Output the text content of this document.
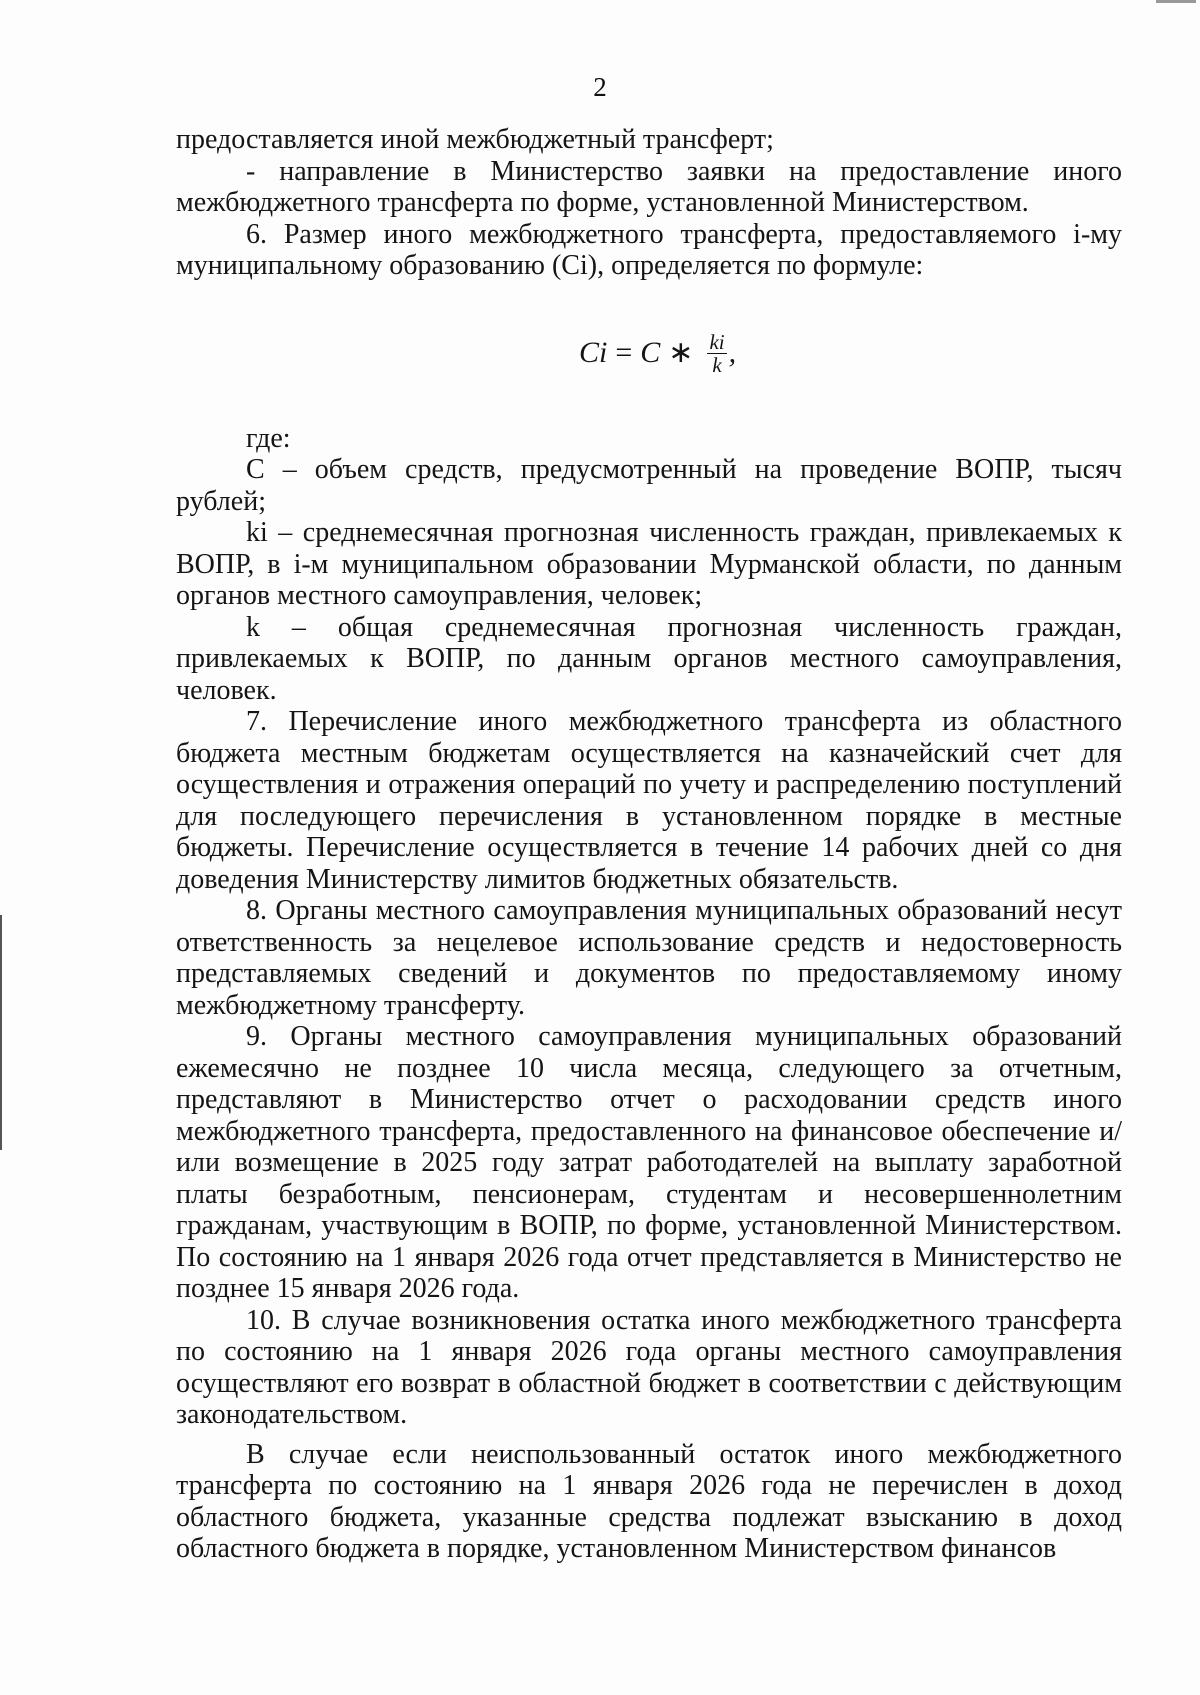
2

предоставляется иной межбюджетный трансферт;

- направление в Министерство заявки на предоставление иного межбюджетного трансферта по форме, установленной Министерством.

6. Размер иного межбюджетного трансферта, предоставляемого i-му муниципальному образованию (Ci), определяется по формуле:

Ci = C ∗ $\frac{ki}{k}$ ,

где:

С – объем средств, предусмотренный на проведение ВОПР, тысяч рублей;

ki – среднемесячная прогнозная численность граждан, привлекаемых к ВОПР, в i-м муниципальном образовании Мурманской области, по данным органов местного самоуправления, человек;

k – общая среднемесячная прогнозная численность граждан, привлекаемых к ВОПР, по данным органов местного самоуправления, человек.

7. Перечисление иного межбюджетного трансферта из областного бюджета местным бюджетам осуществляется на казначейский счет для осуществления и отражения операций по учету и распределению поступлений для последующего перечисления в установленном порядке в местные бюджеты. Перечисление осуществляется в течение 14 рабочих дней со дня доведения Министерству лимитов бюджетных обязательств.

8. Органы местного самоуправления муниципальных образований несут ответственность за нецелевое использование средств и недостоверность представляемых сведений и документов по предоставляемому иному межбюджетному трансферту.

9. Органы местного самоуправления муниципальных образований ежемесячно не позднее 10 числа месяца, следующего за отчетным, представляют в Министерство отчет о расходовании средств иного межбюджетного трансферта, предоставленного на финансовое обеспечение и/или возмещение в 2025 году затрат работодателей на выплату заработной платы безработным, пенсионерам, студентам и несовершеннолетним гражданам, участвующим в ВОПР, по форме, установленной Министерством. По состоянию на 1 января 2026 года отчет представляется в Министерство не позднее 15 января 2026 года.

10. В случае возникновения остатка иного межбюджетного трансферта по состоянию на 1 января 2026 года органы местного самоуправления осуществляют его возврат в областной бюджет в соответствии с действующим законодательством.

В случае если неиспользованный остаток иного межбюджетного трансферта по состоянию на 1 января 2026 года не перечислен в доход областного бюджета, указанные средства подлежат взысканию в доход областного бюджета в порядке, установленном Министерством финансов
